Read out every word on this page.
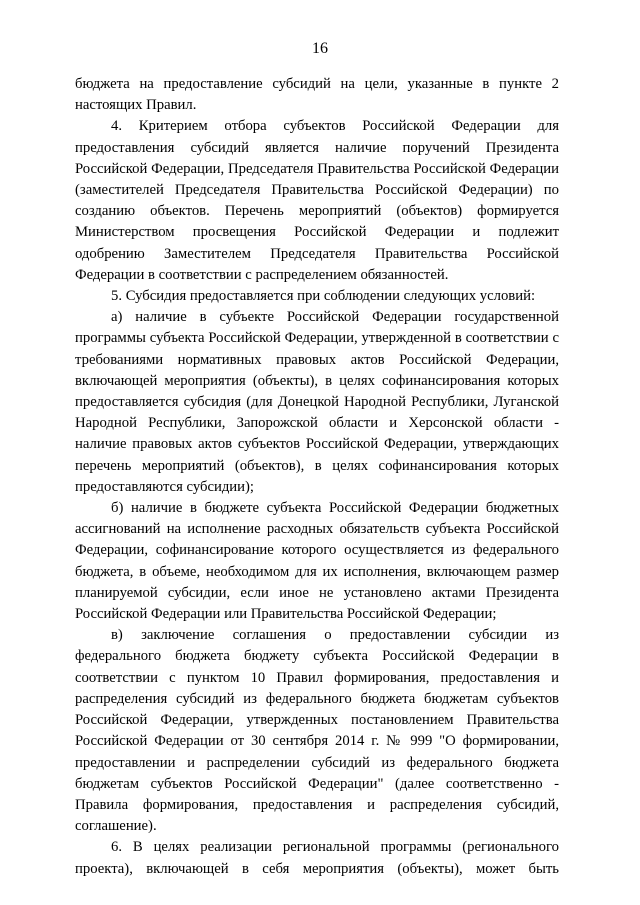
16

бюджета на предоставление субсидий на цели, указанные в пункте 2 настоящих Правил.

4. Критерием отбора субъектов Российской Федерации для предоставления субсидий является наличие поручений Президента Российской Федерации, Председателя Правительства Российской Федерации (заместителей Председателя Правительства Российской Федерации) по созданию объектов. Перечень мероприятий (объектов) формируется Министерством просвещения Российской Федерации и подлежит одобрению Заместителем Председателя Правительства Российской Федерации в соответствии с распределением обязанностей.

5. Субсидия предоставляется при соблюдении следующих условий:

а) наличие в субъекте Российской Федерации государственной программы субъекта Российской Федерации, утвержденной в соответствии с требованиями нормативных правовых актов Российской Федерации, включающей мероприятия (объекты), в целях софинансирования которых предоставляется субсидия (для Донецкой Народной Республики, Луганской Народной Республики, Запорожской области и Херсонской области - наличие правовых актов субъектов Российской Федерации, утверждающих перечень мероприятий (объектов), в целях софинансирования которых предоставляются субсидии);

б) наличие в бюджете субъекта Российской Федерации бюджетных ассигнований на исполнение расходных обязательств субъекта Российской Федерации, софинансирование которого осуществляется из федерального бюджета, в объеме, необходимом для их исполнения, включающем размер планируемой субсидии, если иное не установлено актами Президента Российской Федерации или Правительства Российской Федерации;

в) заключение соглашения о предоставлении субсидии из федерального бюджета бюджету субъекта Российской Федерации в соответствии с пунктом 10 Правил формирования, предоставления и распределения субсидий из федерального бюджета бюджетам субъектов Российской Федерации, утвержденных постановлением Правительства Российской Федерации от 30 сентября 2014 г. № 999 "О формировании, предоставлении и распределении субсидий из федерального бюджета бюджетам субъектов Российской Федерации" (далее соответственно - Правила формирования, предоставления и распределения субсидий, соглашение).

6. В целях реализации региональной программы (регионального проекта), включающей в себя мероприятия (объекты), может быть
